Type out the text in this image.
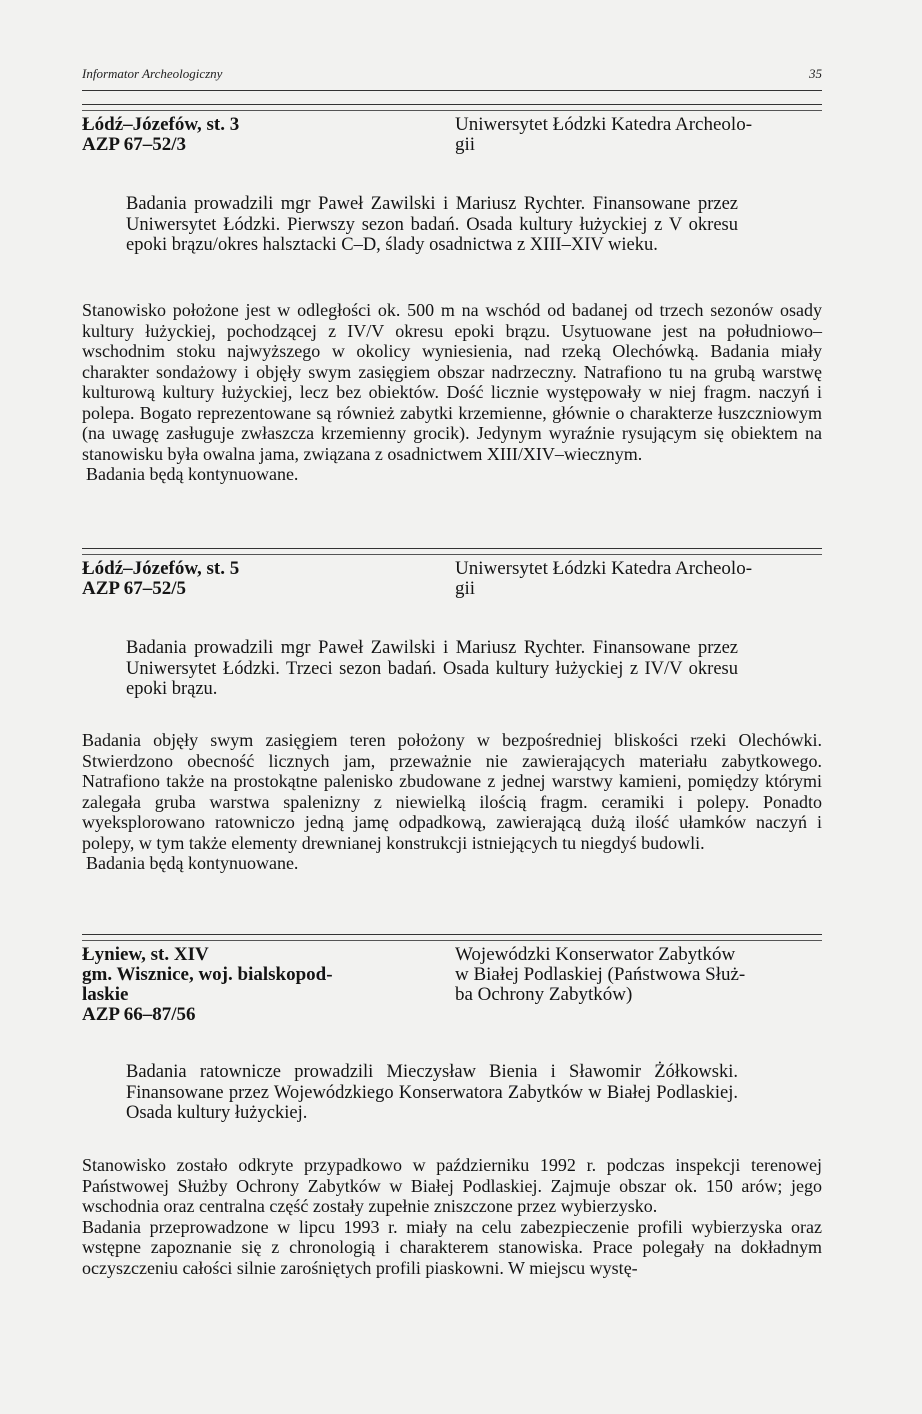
Informator Archeologiczny	35
Łódź–Józefów, st. 3
AZP 67–52/3
Uniwersytet Łódzki Katedra Archeolo-
gii
Badania prowadzili mgr Paweł Zawilski i Mariusz Rychter. Finansowane przez Uniwersytet Łódzki. Pierwszy sezon badań. Osada kultury łużyckiej z V okresu epoki brązu/okres halsztacki C–D, ślady osadnictwa z XIII–XIV wieku.
Stanowisko położone jest w odległości ok. 500 m na wschód od badanej od trzech sezonów osady kultury łużyckiej, pochodzącej z IV/V okresu epoki brązu. Usytuowane jest na południowo–wschodnim stoku najwyższego w okolicy wyniesienia, nad rzeką Olechówką. Badania miały charakter sondażowy i objęły swym zasięgiem obszar nadrzeczny. Natrafiono tu na grubą warstwę kulturową kultury łużyckiej, lecz bez obiektów. Dość licznie występowały w niej fragm. naczyń i polepa. Bogato reprezentowane są również zabytki krzemienne, głównie o charakterze łuszczniowym (na uwagę zasługuje zwłaszcza krzemienny grocik). Jedynym wyraźnie rysującym się obiektem na stanowisku była owalna jama, związana z osadnictwem XIII/XIV–wiecznym.
Badania będą kontynuowane.
Łódź–Józefów, st. 5
AZP 67–52/5
Uniwersytet Łódzki Katedra Archeolo-
gii
Badania prowadzili mgr Paweł Zawilski i Mariusz Rychter. Finansowane przez Uniwersytet Łódzki. Trzeci sezon badań. Osada kultury łużyckiej z IV/V okresu epoki brązu.
Badania objęły swym zasięgiem teren położony w bezpośredniej bliskości rzeki Olechówki. Stwierdzono obecność licznych jam, przeważnie nie zawierających materiału zabytkowego. Natrafiono także na prostokątne palenisko zbudowane z jednej warstwy kamieni, pomiędzy którymi zalegała gruba warstwa spalenizny z niewielką ilością fragm. ceramiki i polepy. Ponadto wyeksplorowano ratowniczo jedną jamę odpadkową, zawierającą dużą ilość ułamków naczyń i polepy, w tym także elementy drewnianej konstrukcji istniejących tu niegdyś budowli.
Badania będą kontynuowane.
Łyniew, st. XIV
gm. Wisznice, woj. bialskopod-
laskie
AZP 66–87/56
Wojewódzki Konserwator Zabytków
w Białej Podlaskiej (Państwowa Służ-
ba Ochrony Zabytków)
Badania ratownicze prowadzili Mieczysław Bienia i Sławomir Żółkowski. Finansowane przez Wojewódzkiego Konserwatora Zabytków w Białej Podlaskiej. Osada kultury łużyckiej.
Stanowisko zostało odkryte przypadkowo w październiku 1992 r. podczas inspekcji terenowej Państwowej Służby Ochrony Zabytków w Białej Podlaskiej. Zajmuje obszar ok. 150 arów; jego wschodnia oraz centralna część zostały zupełnie zniszczone przez wybierzysko.
Badania przeprowadzone w lipcu 1993 r. miały na celu zabezpieczenie profili wybierzyska oraz wstępne zapoznanie się z chronologią i charakterem stanowiska. Prace polegały na dokładnym oczyszczeniu całości silnie zarośniętych profili piaskowni. W miejscu wystę-
